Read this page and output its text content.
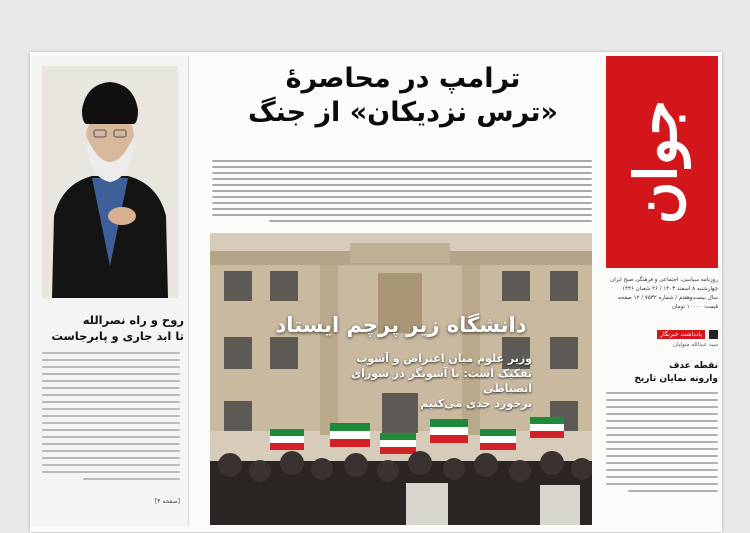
روح و راه نصرالله
تا ابد جاری و پابرجاست
[صفحه ۴]
ترامپ در محاصرهٔ
«ترس نزدیکان» از جنگ
دانشگاه زیر پرچم ایستاد
وزیر علوم میان اعتراض و آشوب
تفکیک است: با آشوبگر در شورای انضباطی
برخورد جدی می‌کنیم
جوان
روزنامه سیاسی، اجتماعی و فرهنگی صبح ایران
چهارشنبه ۸ اسفند ۱۴۰۳ / ۲۶ شعبان ۱۴۴۶
سال بیست‌وهفتم / شماره ۷۵۳۲ / ۱۲ صفحه
قیمت: ۱۰۰۰۰ تومان
یادداشت خبرنگار
سید عبدالله متولیان
نقطه عدف
وارونه نمایان تاریخ
